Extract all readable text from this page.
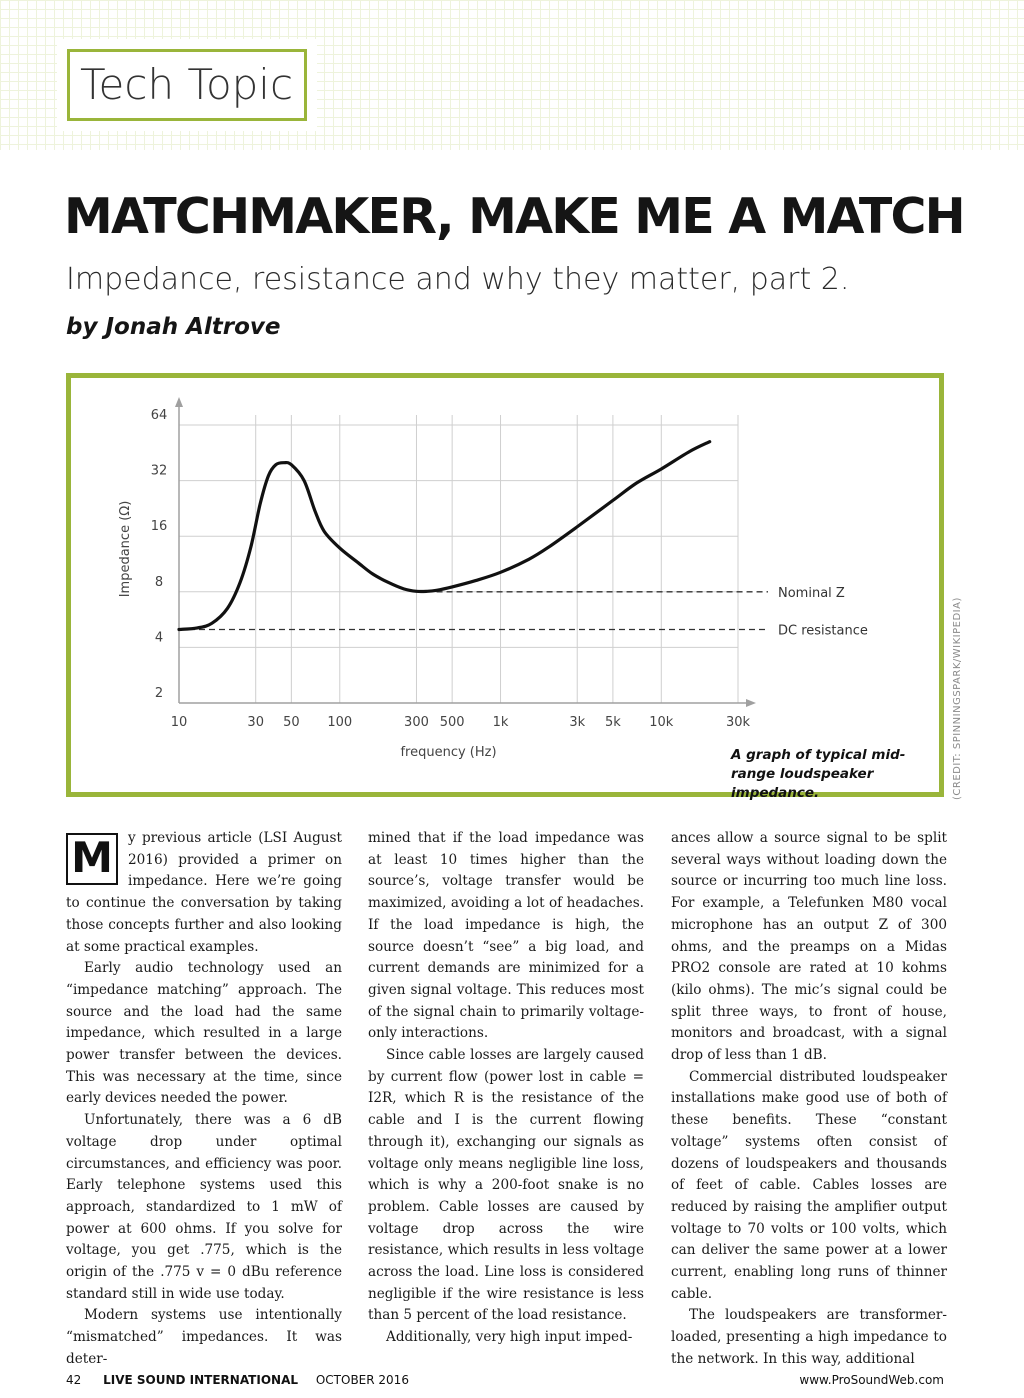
Tech Topic
MATCHMAKER, MAKE ME A MATCH
Impedance, resistance and why they matter, part 2.
by Jonah Altrove
10	30 50 100	300 500 1k	3k 5k 10k	30k
2
4
8
16
32
64
frequency (Hz)
Impedance (Ω)	Nominal Z
DC resistance
A graph of typical mid-range loudspeaker impedance.	(CREDIT: SPINNINGSPARK/WIKIPEDIA)
M	y previous article (LSI August 2016) provided a primer on impedance. Here we’re going to continue the conversation by taking those concepts further and also looking at some practical examples.

Early audio technology used an “impedance matching” approach. The source and the load had the same impedance, which resulted in a large power transfer between the devices. This was necessary at the time, since early devices needed the power.

Unfortunately, there was a 6 dB voltage drop under optimal circumstances, and efficiency was poor. Early telephone systems used this approach, standardized to 1 mW of power at 600 ohms. If you solve for voltage, you get .775, which is the origin of the .775 v = 0 dBu reference standard still in wide use today.

Modern systems use intentionally “mismatched” impedances. It was deter-

mined that if the load impedance was at least 10 times higher than the source’s, voltage transfer would be maximized, avoiding a lot of headaches. If the load impedance is high, the source doesn’t “see” a big load, and current demands are minimized for a given signal voltage. This reduces most of the signal chain to primarily voltage-only interactions.

Since cable losses are largely caused by current flow (power lost in cable = I2R, which R is the resistance of the cable and I is the current flowing through it), exchanging our signals as voltage only means negligible line loss, which is why a 200-foot snake is no problem. Cable losses are caused by voltage drop across the wire resistance, which results in less voltage across the load. Line loss is considered negligible if the wire resistance is less than 5 percent of the load resistance.

Additionally, very high input imped-

ances allow a source signal to be split several ways without loading down the source or incurring too much line loss. For example, a Telefunken M80 vocal microphone has an output Z of 300 ohms, and the preamps on a Midas PRO2 console are rated at 10 kohms (kilo ohms). The mic’s signal could be split three ways, to front of house, monitors and broadcast, with a signal drop of less than 1 dB.

Commercial distributed loudspeaker installations make good use of both of these benefits. These “constant voltage” systems often consist of dozens of loudspeakers and thousands of feet of cable. Cables losses are reduced by raising the amplifier output voltage to 70 volts or 100 volts, which can deliver the same power at a lower current, enabling long runs of thinner cable.

The loudspeakers are transformer-loaded, presenting a high impedance to the network. In this way, additional

42 LIVE SOUND INTERNATIONAL OCTOBER 2016	www.ProSoundWeb.com
